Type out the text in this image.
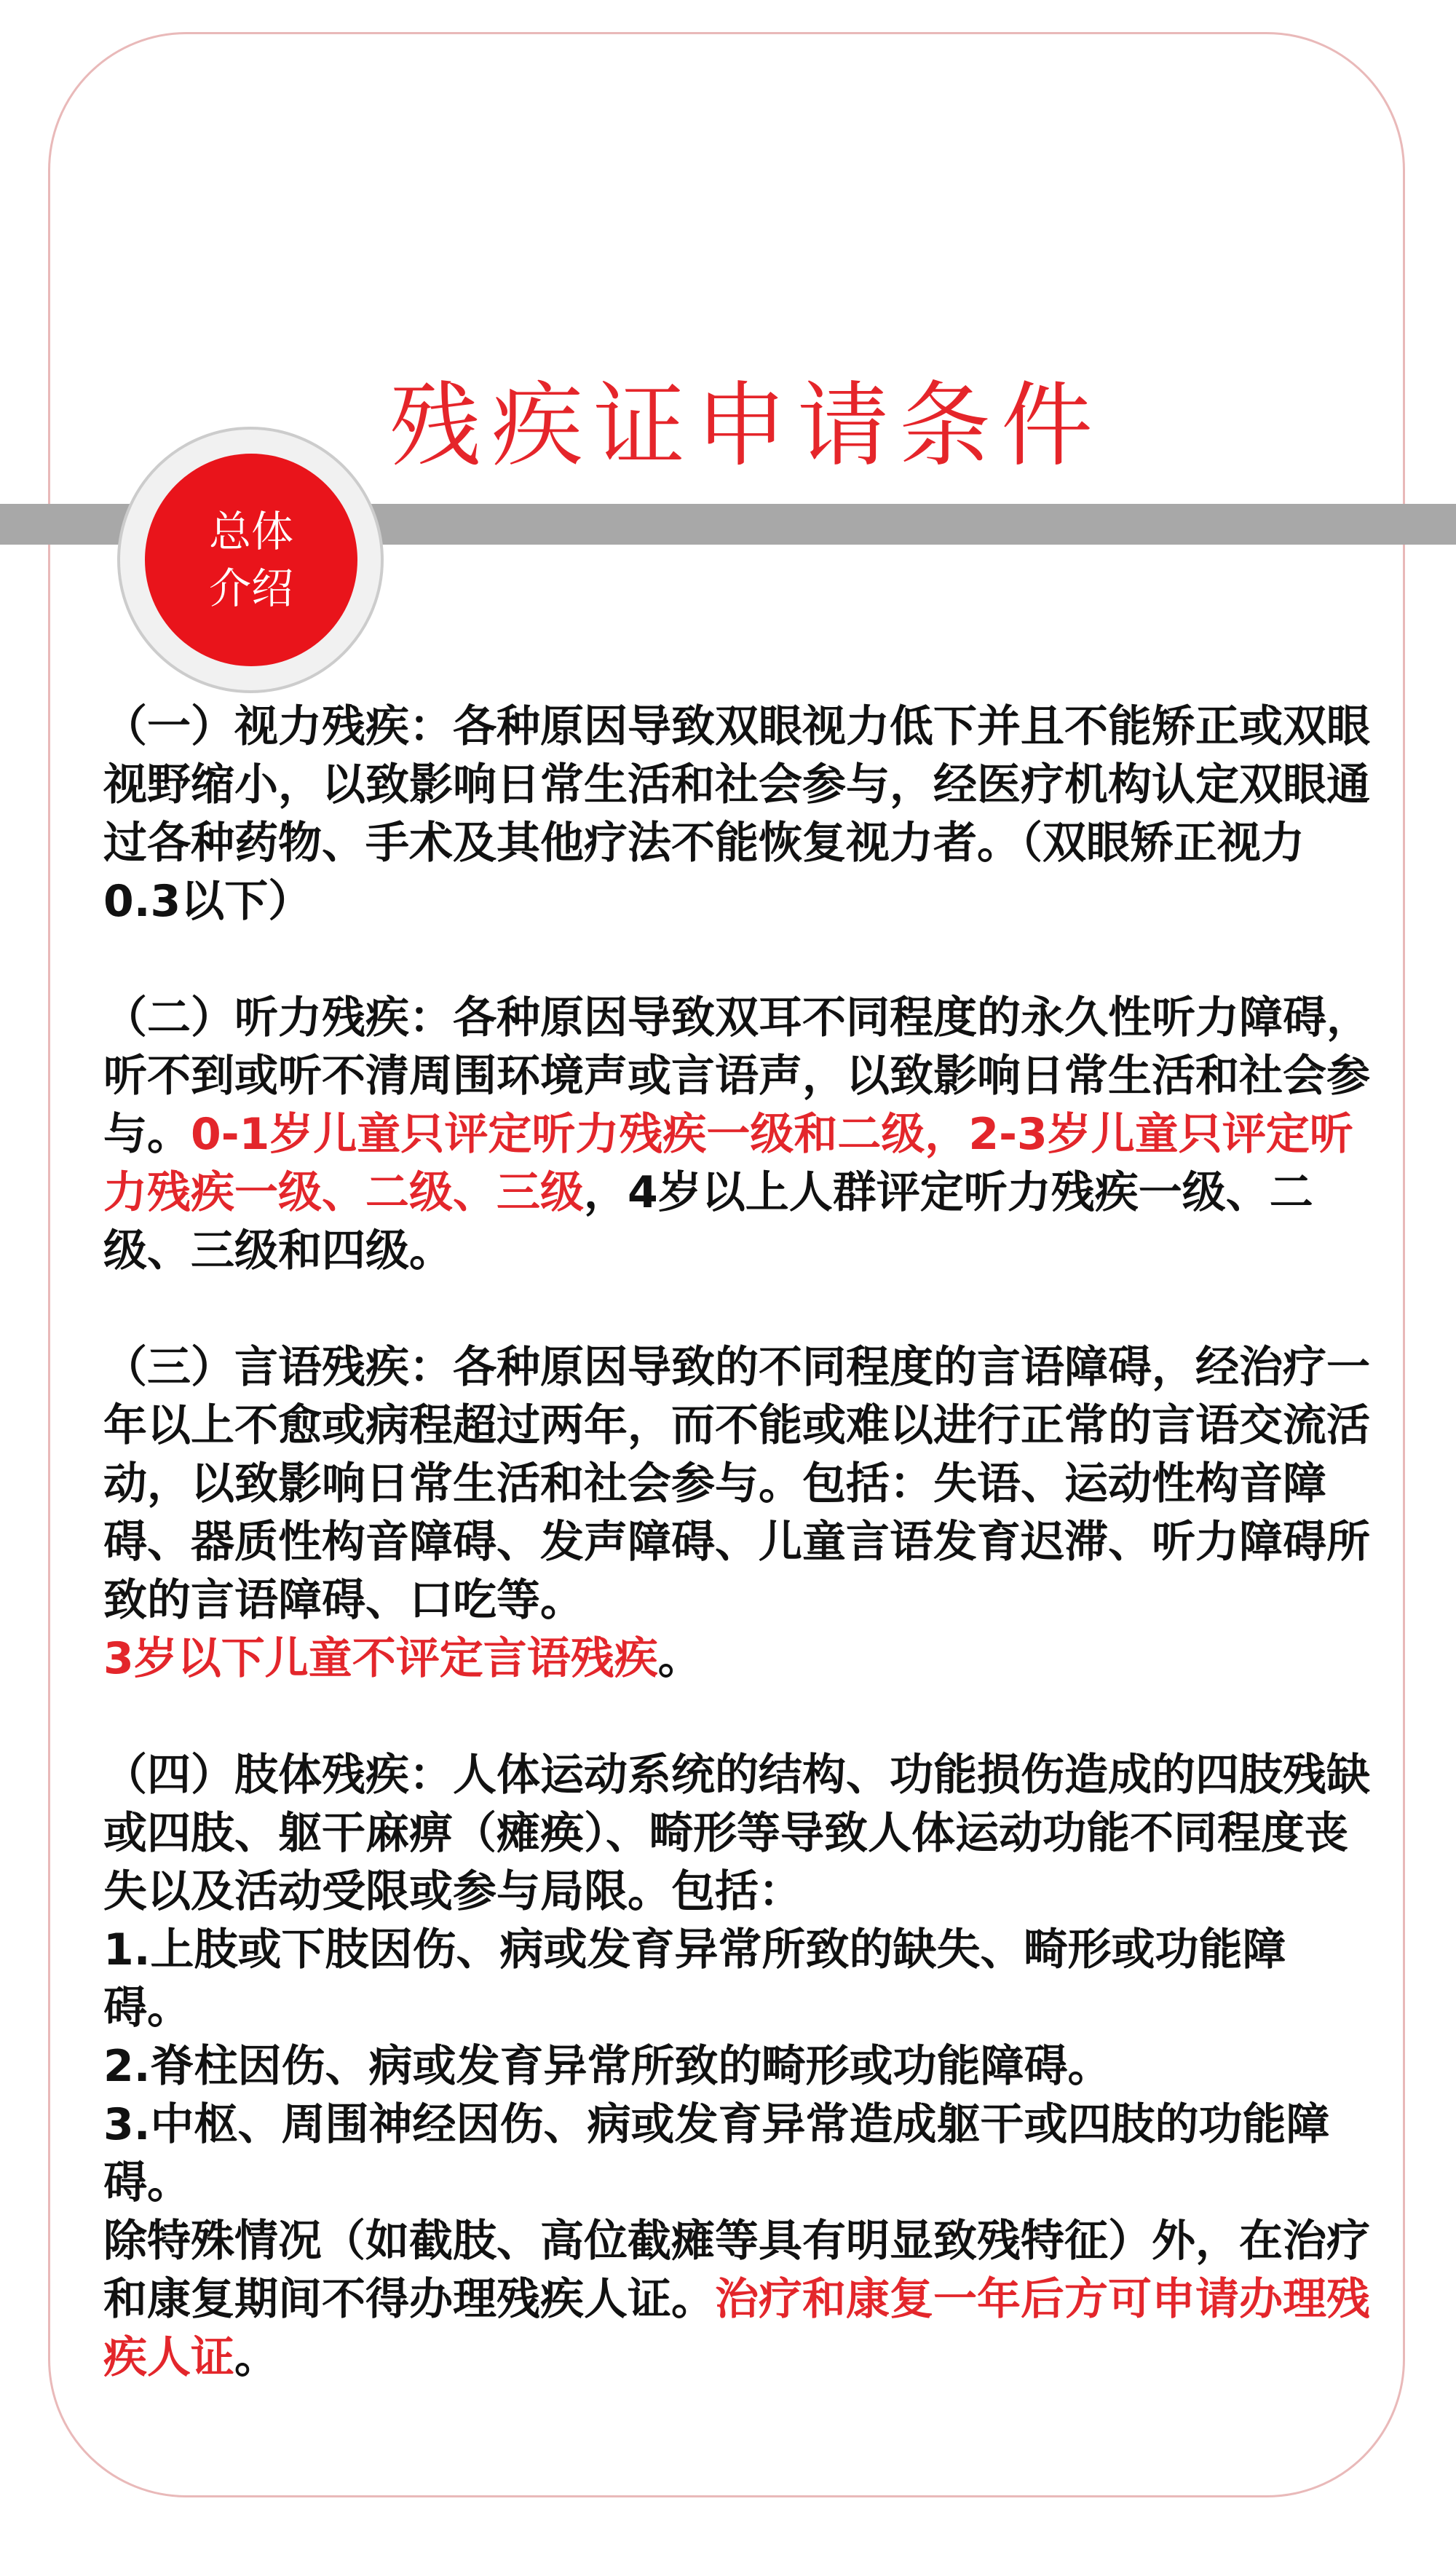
残疾证申请条件
总体介绍

（一）视力残疾：各种原因导致双眼视力低下并且不能矫正或双眼视野缩小，以致影响日常生活和社会参与，经医疗机构认定双眼通过各种药物、手术及其他疗法不能恢复视力者。（双眼矫正视力0.3以下）

（二）听力残疾：各种原因导致双耳不同程度的永久性听力障碍，听不到或听不清周围环境声或言语声，以致影响日常生活和社会参与。0-1岁儿童只评定听力残疾一级和二级，2-3岁儿童只评定听力残疾一级、二级、三级，4岁以上人群评定听力残疾一级、二级、三级和四级。

（三）言语残疾：各种原因导致的不同程度的言语障碍，经治疗一年以上不愈或病程超过两年，而不能或难以进行正常的言语交流活动，以致影响日常生活和社会参与。包括：失语、运动性构音障碍、器质性构音障碍、发声障碍、儿童言语发育迟滞、听力障碍所致的言语障碍、口吃等。
3岁以下儿童不评定言语残疾。

（四）肢体残疾：人体运动系统的结构、功能损伤造成的四肢残缺或四肢、躯干麻痹（瘫痪）、畸形等导致人体运动功能不同程度丧失以及活动受限或参与局限。包括：

1.上肢或下肢因伤、病或发育异常所致的缺失、畸形或功能障碍。

2.脊柱因伤、病或发育异常所致的畸形或功能障碍。

3.中枢、周围神经因伤、病或发育异常造成躯干或四肢的功能障碍。

除特殊情况（如截肢、高位截瘫等具有明显致残特征）外，在治疗和康复期间不得办理残疾人证。治疗和康复一年后方可申请办理残疾人证。
